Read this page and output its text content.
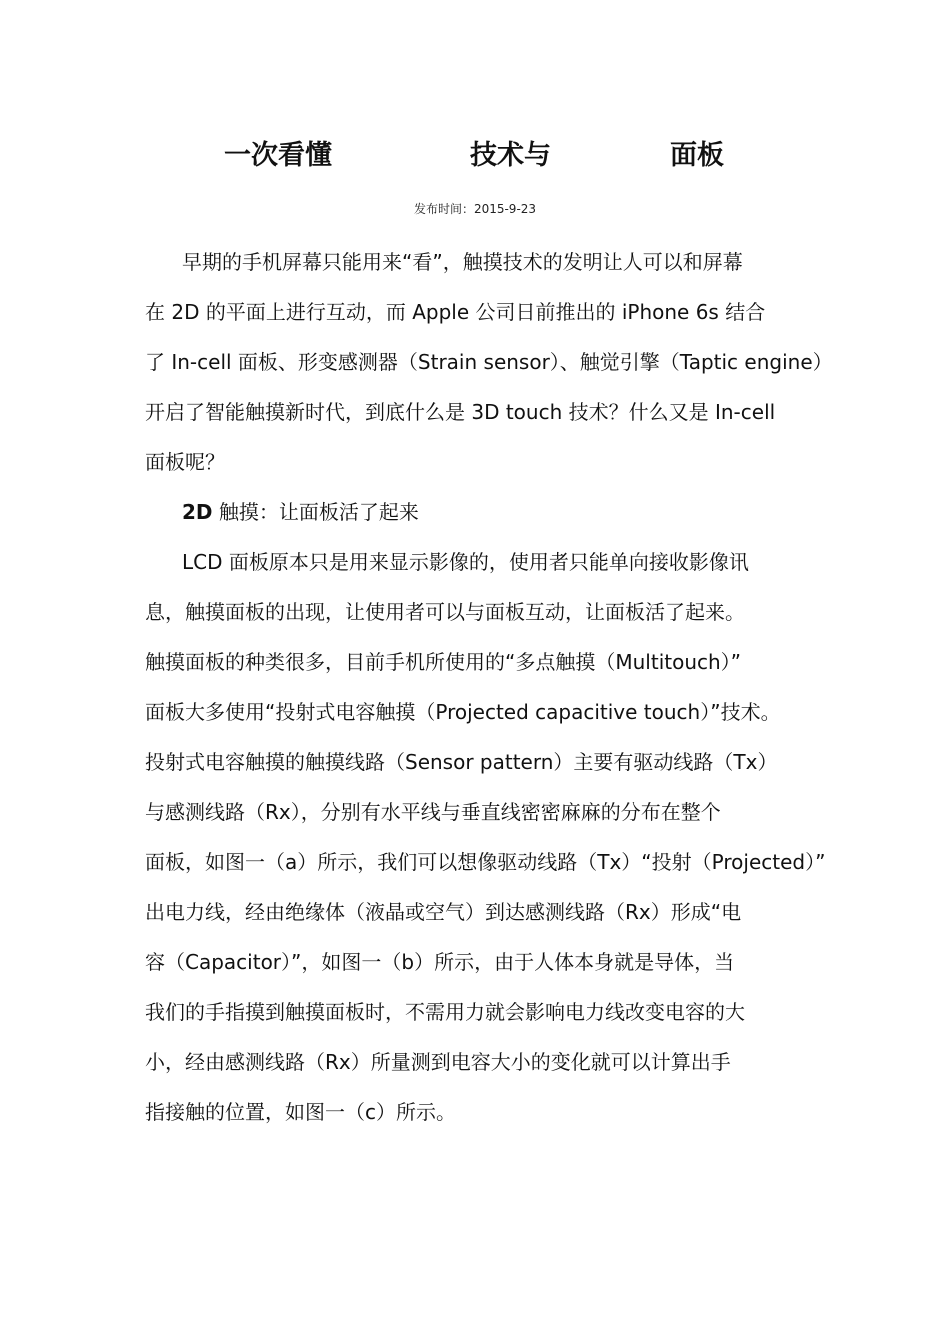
一次看懂	技术与	面板
发布时间：2015-9-23
早期的手机屏幕只能用来“看”，触摸技术的发明让人可以和屏幕
在 2D 的平面上进行互动，而 Apple 公司日前推出的 iPhone 6s 结合
了 In-cell 面板、形变感测器（Strain sensor）、触觉引擎（Taptic engine）
开启了智能触摸新时代，到底什么是 3D touch 技术？什么又是 In-cell
面板呢？
2D 触摸：让面板活了起来
LCD 面板原本只是用来显示影像的，使用者只能单向接收影像讯
息，触摸面板的出现，让使用者可以与面板互动，让面板活了起来。
触摸面板的种类很多，目前手机所使用的“多点触摸（Multitouch）”
面板大多使用“投射式电容触摸（Projected capacitive touch）”技术。
投射式电容触摸的触摸线路（Sensor pattern）主要有驱动线路（Tx）
与感测线路（Rx），分别有水平线与垂直线密密麻麻的分布在整个
面板，如图一（a）所示，我们可以想像驱动线路（Tx）“投射（Projected）”
出电力线，经由绝缘体（液晶或空气）到达感测线路（Rx）形成“电
容（Capacitor）”，如图一（b）所示，由于人体本身就是导体，当
我们的手指摸到触摸面板时，不需用力就会影响电力线改变电容的大
小，经由感测线路（Rx）所量测到电容大小的变化就可以计算出手
指接触的位置，如图一（c）所示。
